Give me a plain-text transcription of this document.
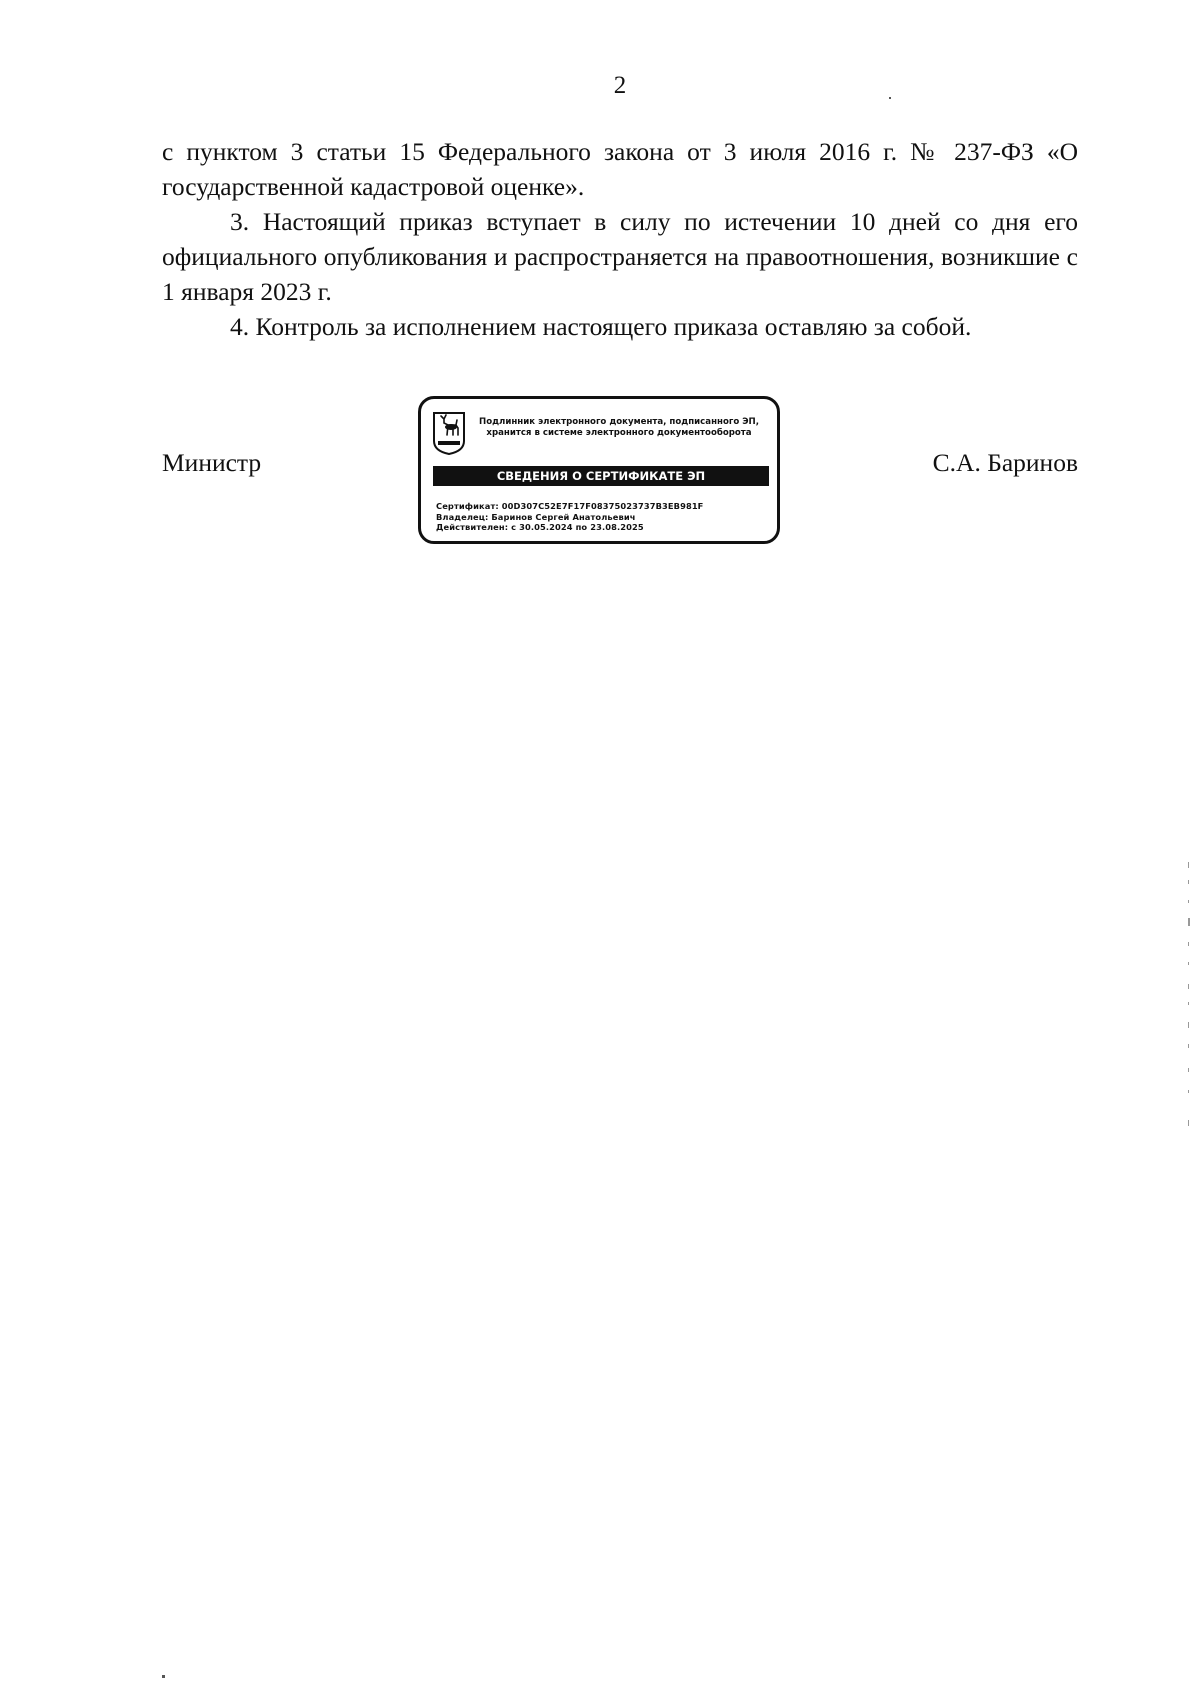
2

с пунктом 3 статьи 15 Федерального закона от 3 июля 2016 г. № 237-ФЗ «О государственной кадастровой оценке».

3. Настоящий приказ вступает в силу по истечении 10 дней со дня его официального опубликования и распространяется на правоотношения, возникшие с 1 января 2023 г.

4. Контроль за исполнением настоящего приказа оставляю за собой.

Министр
Подлинник электронного документа, подписанного ЭП,
хранится в системе электронного документооборота
СВЕДЕНИЯ О СЕРТИФИКАТЕ ЭП
Сертификат: 00D307C52E7F17F08375023737B3EB981F
Владелец: Баринов Сергей Анатольевич
Действителен: с 30.05.2024 по 23.08.2025
С.А. Баринов
